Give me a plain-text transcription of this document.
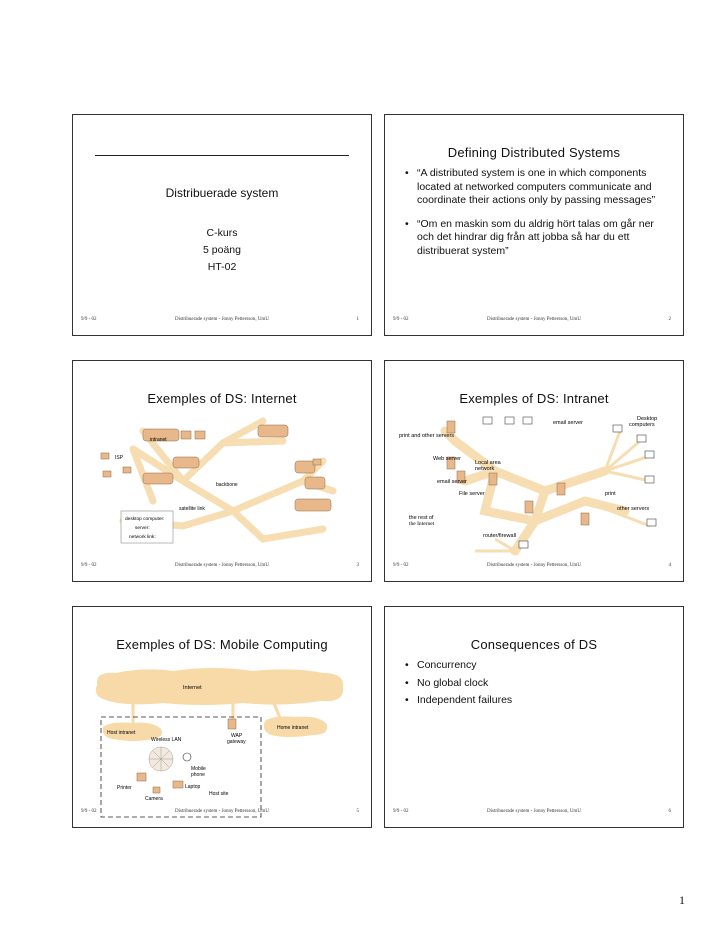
Distribuerade system
C-kurs
5 poäng
HT-02
9/9 - 02	Distribuerade system - Jonny Pettersson, UmU	1
Defining Distributed Systems
• “A distributed system is one in which components located at networked computers communicate and coordinate their actions only by passing messages”
• “Om en maskin som du aldrig hört talas om går ner och det hindrar dig från att jobba så har du ett distribuerat system”
9/9 - 02	Distribuerade system - Jonny Pettersson, UmU	2
Exemples of DS: Internet
intranet
ISP
backbone
satellite link
desktop computer:
server:
network link:
9/9 - 02	Distribuerade system - Jonny Pettersson, UmU	3
Exemples of DS: Intranet
email server
Desktop computers
print and other servers
Local area network
Web server
email server
print
File server
other servers
the rest of the Internet
router/firewall
9/9 - 02	Distribuerade system - Jonny Pettersson, UmU	4
Exemples of DS: Mobile Computing
Internet
Host intranet
Wireless LAN
Home intranet
WAP gateway
Mobile phone
Printer	Laptop
Camera
Host site
9/9 - 02	Distribuerade system - Jonny Pettersson, UmU	5
Consequences of DS
• Concurrency
• No global clock
• Independent failures
9/9 - 02	Distribuerade system - Jonny Pettersson, UmU	6
1
